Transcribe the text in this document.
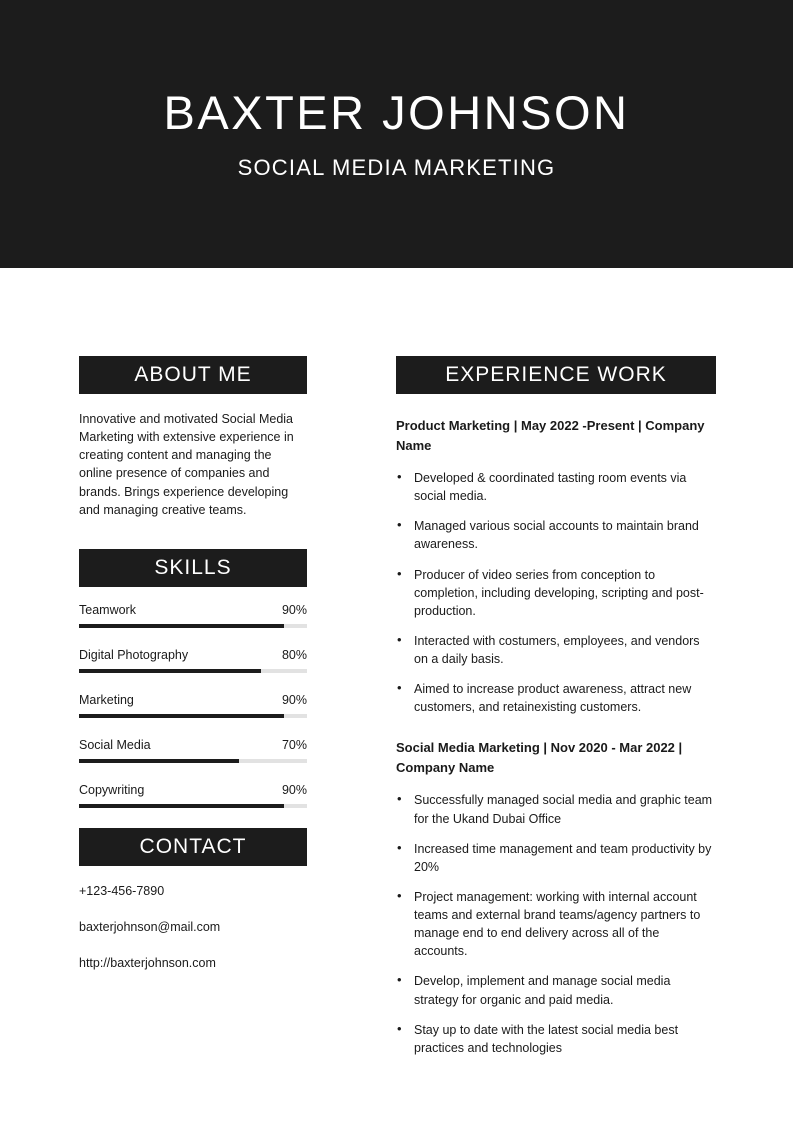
BAXTER JOHNSON
SOCIAL MEDIA MARKETING
ABOUT ME
Innovative and motivated Social Media Marketing with extensive experience in creating content and managing the online presence of companies and brands. Brings experience developing and managing creative teams.
SKILLS
Teamwork	90%
Digital Photography	80%
Marketing	90%
Social Media	70%
Copywriting	90%
CONTACT
+123-456-7890
baxterjohnson@mail.com
http://baxterjohnson.com
EXPERIENCE WORK
Product Marketing | May 2022 -Present | Company Name
• Developed & coordinated tasting room events via social media.
• Managed various social accounts to maintain brand awareness.
• Producer of video series from conception to completion, including developing, scripting and post-production.
• Interacted with costumers, employees, and vendors on a daily basis.
• Aimed to increase product awareness, attract new customers, and retainexisting customers.
Social Media Marketing | Nov 2020 - Mar 2022 | Company Name
• Successfully managed social media and graphic team for the Ukand Dubai Office
• Increased time management and team productivity by 20%
• Project management: working with internal account teams and external brand teams/agency partners to manage end to end delivery across all of the accounts.
• Develop, implement and manage social media strategy for organic and paid media.
• Stay up to date with the latest social media best practices and technologies
